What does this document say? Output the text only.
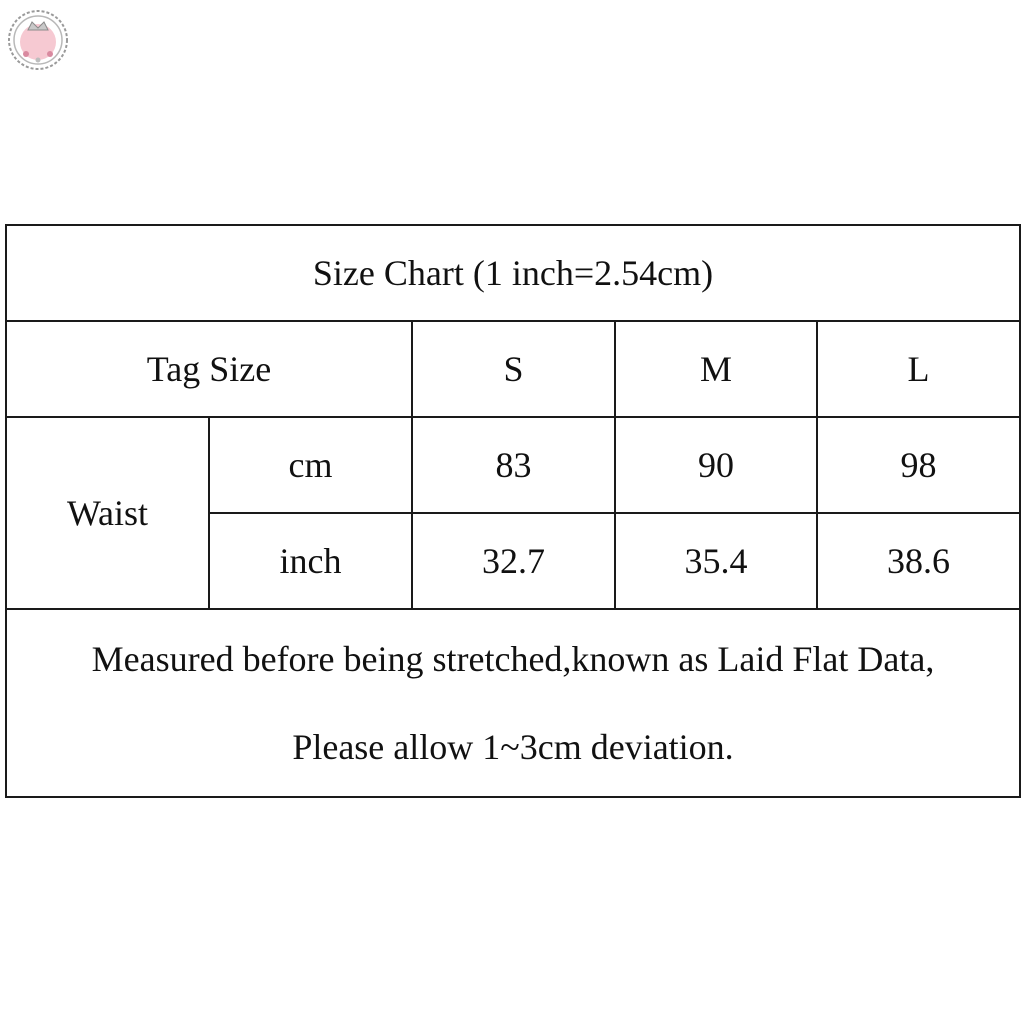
Size Chart (1 inch=2.54cm)				
Tag Size		S	M	L
Waist	cm	83	90	98
	inch	32.7	35.4	38.6

Measured before being stretched,known as Laid Flat Data,
Please allow 1~3cm deviation.				
